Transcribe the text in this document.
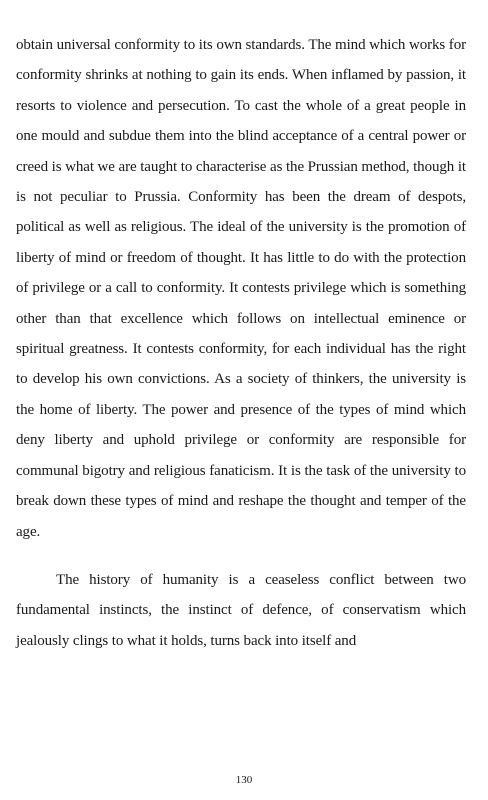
obtain universal conformity to its own standards. The mind which works for conformity shrinks at nothing to gain its ends. When inflamed by passion, it resorts to violence and persecution. To cast the whole of a great people in one mould and subdue them into the blind acceptance of a central power or creed is what we are taught to characterise as the Prussian method, though it is not peculiar to Prussia. Conformity has been the dream of despots, political as well as religious. The ideal of the university is the promotion of liberty of mind or freedom of thought. It has little to do with the protection of privilege or a call to conformity. It contests privilege which is something other than that excellence which follows on intellectual eminence or spiritual greatness. It contests conformity, for each individual has the right to develop his own convictions. As a society of thinkers, the university is the home of liberty. The power and presence of the types of mind which deny liberty and uphold privilege or conformity are responsible for communal bigotry and religious fanaticism. It is the task of the university to break down these types of mind and reshape the thought and temper of the age.

The history of humanity is a ceaseless conflict between two fundamental instincts, the instinct of defence, of conservatism which jealously clings to what it holds, turns back into itself and

130
